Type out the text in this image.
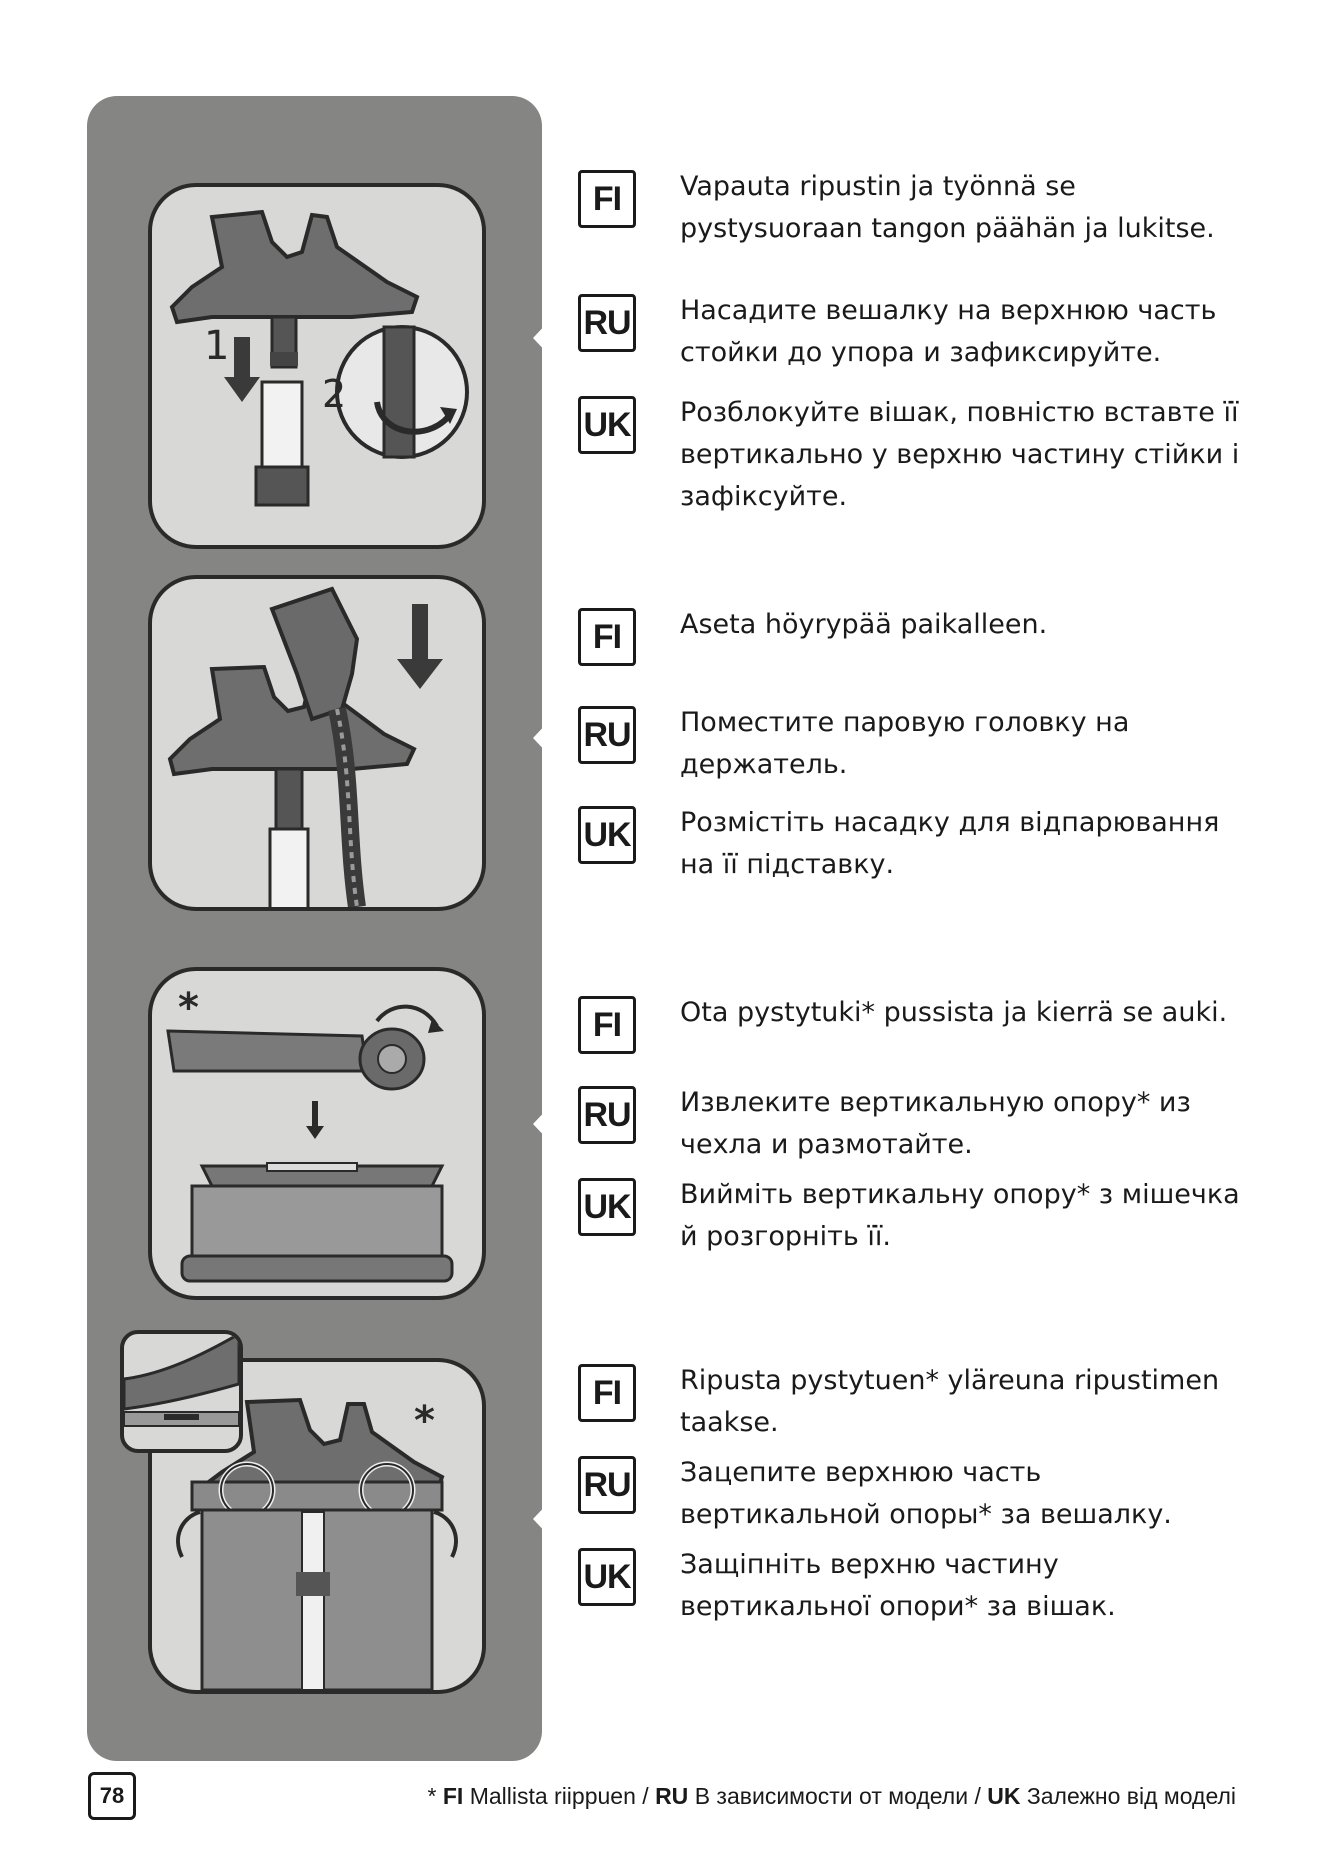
1
2
*
*
FI	Vapauta ripustin ja työnnä se pystysuoraan tangon päähän ja lukitse.
RU Насадите вешалку на верхнюю часть стойки до упора и зафиксируйте.
UK Розблокуйте вішак, повністю вставте її вертикально у верхню частину стійки і зафіксуйте.
FI	Aseta höyrypää paikalleen.
RU Поместите паровую головку на держатель.
UK Розмістіть насадку для відпарювання на її підставку.
FI	Ota pystytuki* pussista ja kierrä se auki.
RU Извлеките вертикальную опору* из чехла и размотайте.
UK Вийміть вертикальну опору* з мішечка й розгорніть її.
FI	Ripusta pystytuen* yläreuna ripustimen taakse.
RU Зацепите верхнюю часть вертикальной опоры* за вешалку.
UK Защіпніть верхню частину вертикальної опори* за вішак.
78	*
FI
Mallista riippuen
/
RU
В зависимости от модели
/
UK
Залежно від моделі
